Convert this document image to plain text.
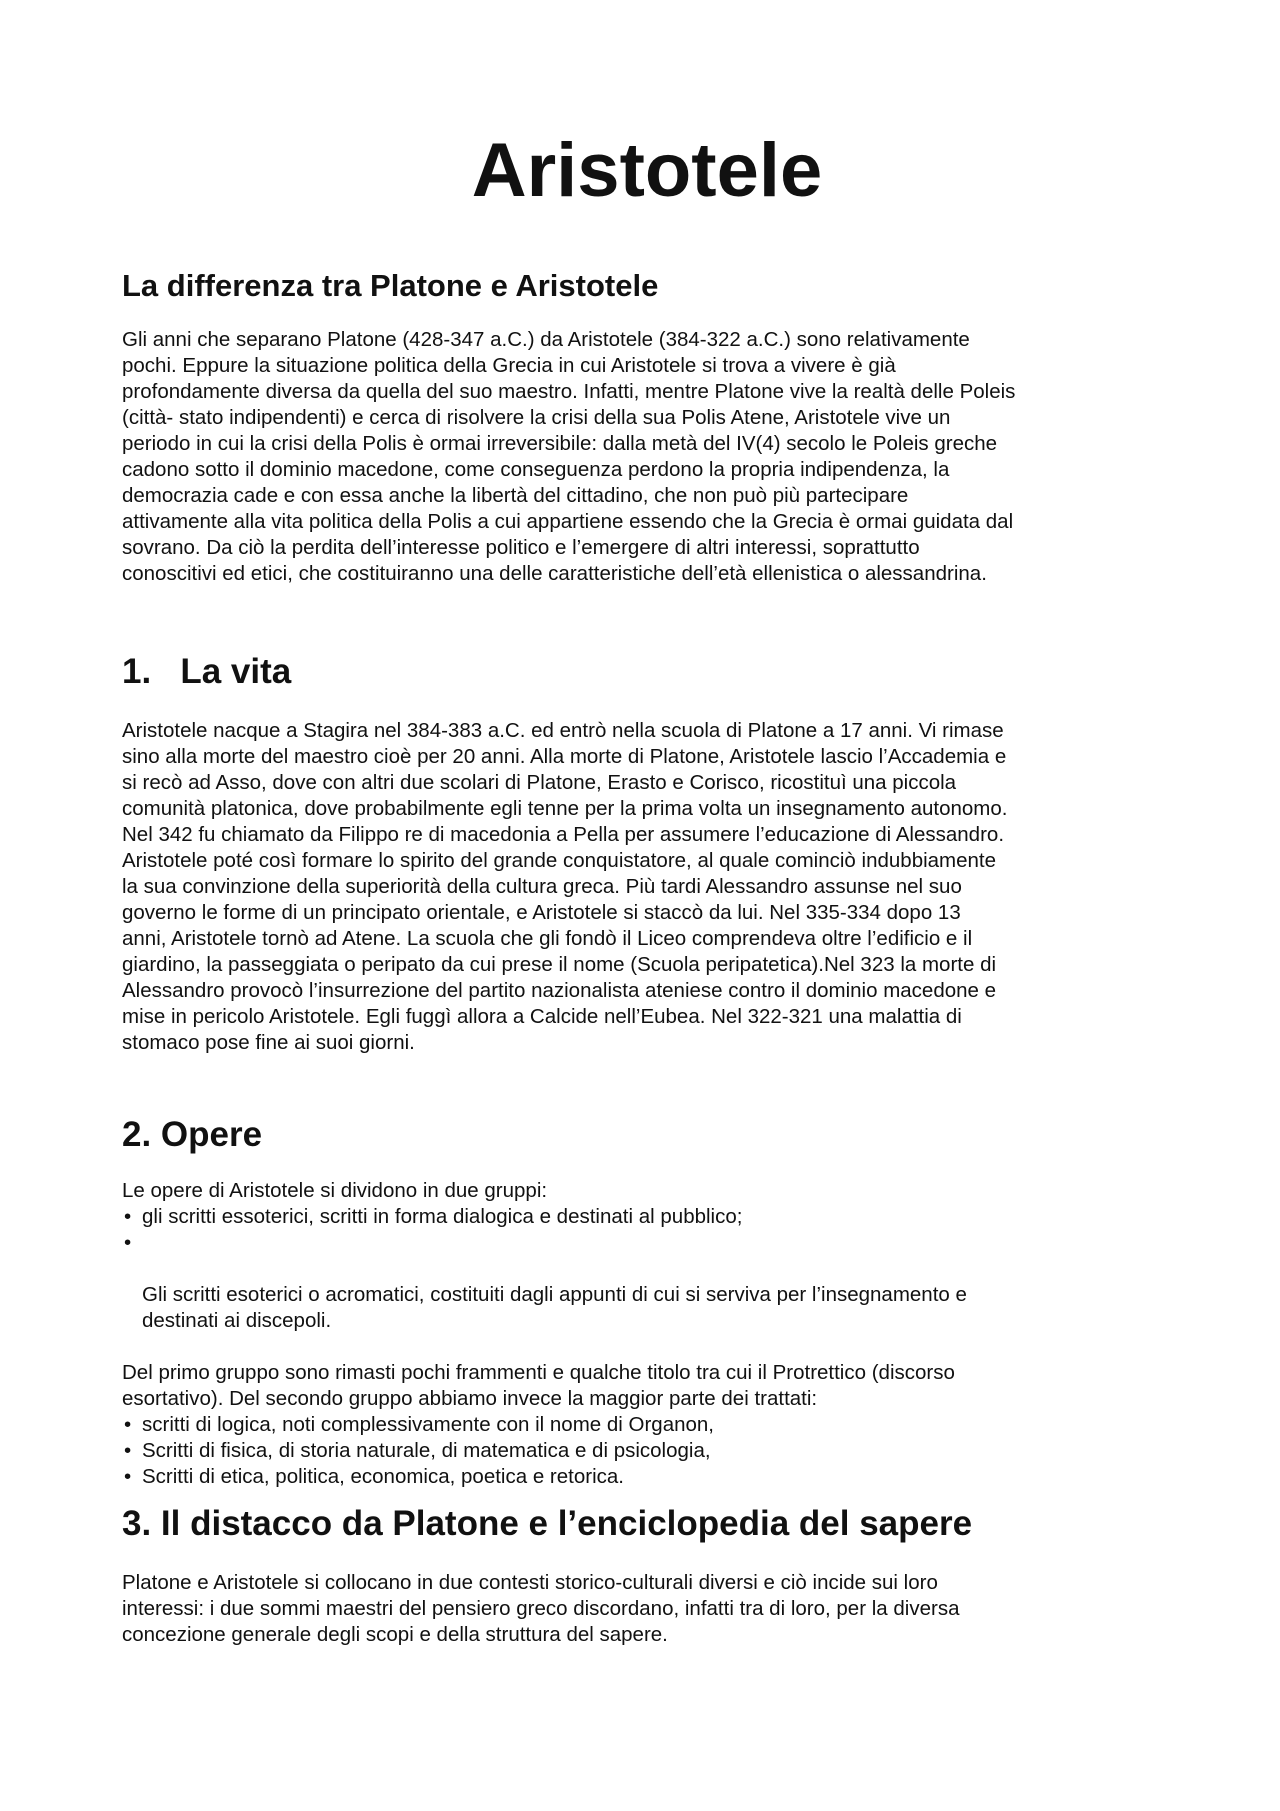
Aristotele
La differenza tra Platone e Aristotele

Gli anni che separano Platone (428-347 a.C.) da Aristotele (384-322 a.C.) sono relativamente
pochi. Eppure la situazione politica della Grecia in cui Aristotele si trova a vivere è già
profondamente diversa da quella del suo maestro. Infatti, mentre Platone vive la realtà delle Poleis
(città- stato indipendenti) e cerca di risolvere la crisi della sua Polis Atene, Aristotele vive un
periodo in cui la crisi della Polis è ormai irreversibile: dalla metà del IV(4) secolo le Poleis greche
cadono sotto il dominio macedone, come conseguenza perdono la propria indipendenza, la
democrazia cade e con essa anche la libertà del cittadino, che non può più partecipare
attivamente alla vita politica della Polis a cui appartiene essendo che la Grecia è ormai guidata dal
sovrano. Da ciò la perdita dell’interesse politico e l’emergere di altri interessi, soprattutto
conoscitivi ed etici, che costituiranno una delle caratteristiche dell’età ellenistica o alessandrina.

1.   La vita

Aristotele nacque a Stagira nel 384-383 a.C. ed entrò nella scuola di Platone a 17 anni. Vi rimase
sino alla morte del maestro cioè per 20 anni. Alla morte di Platone, Aristotele lascio l’Accademia e
si recò ad Asso, dove con altri due scolari di Platone, Erasto e Corisco, ricostituì una piccola
comunità platonica, dove probabilmente egli tenne per la prima volta un insegnamento autonomo.
Nel 342 fu chiamato da Filippo re di macedonia a Pella per assumere l’educazione di Alessandro.
Aristotele poté così formare lo spirito del grande conquistatore, al quale cominciò indubbiamente
la sua convinzione della superiorità della cultura greca. Più tardi Alessandro assunse nel suo
governo le forme di un principato orientale, e Aristotele si staccò da lui. Nel 335-334 dopo 13
anni, Aristotele tornò ad Atene. La scuola che gli fondò il Liceo comprendeva oltre l’edificio e il
giardino, la passeggiata o peripato da cui prese il nome (Scuola peripatetica).Nel 323 la morte di
Alessandro provocò l’insurrezione del partito nazionalista ateniese contro il dominio macedone e
mise in pericolo Aristotele. Egli fuggì allora a Calcide nell’Eubea. Nel 322-321 una malattia di
stomaco pose fine ai suoi giorni.

2. Opere

Le opere di Aristotele si dividono in due gruppi:

• gli scritti essoterici, scritti in forma dialogica e destinati al pubblico;

•

Gli scritti esoterici o acromatici, costituiti dagli appunti di cui si serviva per l’insegnamento e
destinati ai discepoli.

Del primo gruppo sono rimasti pochi frammenti e qualche titolo tra cui il Protrettico (discorso
esortativo). Del secondo gruppo abbiamo invece la maggior parte dei trattati:

• scritti di logica, noti complessivamente con il nome di Organon,
• Scritti di fisica, di storia naturale, di matematica e di psicologia,
• Scritti di etica, politica, economica, poetica e retorica.
3. Il distacco da Platone e l’enciclopedia del sapere

Platone e Aristotele si collocano in due contesti storico-culturali diversi e ciò incide sui loro
interessi: i due sommi maestri del pensiero greco discordano, infatti tra di loro, per la diversa
concezione generale degli scopi e della struttura del sapere.
